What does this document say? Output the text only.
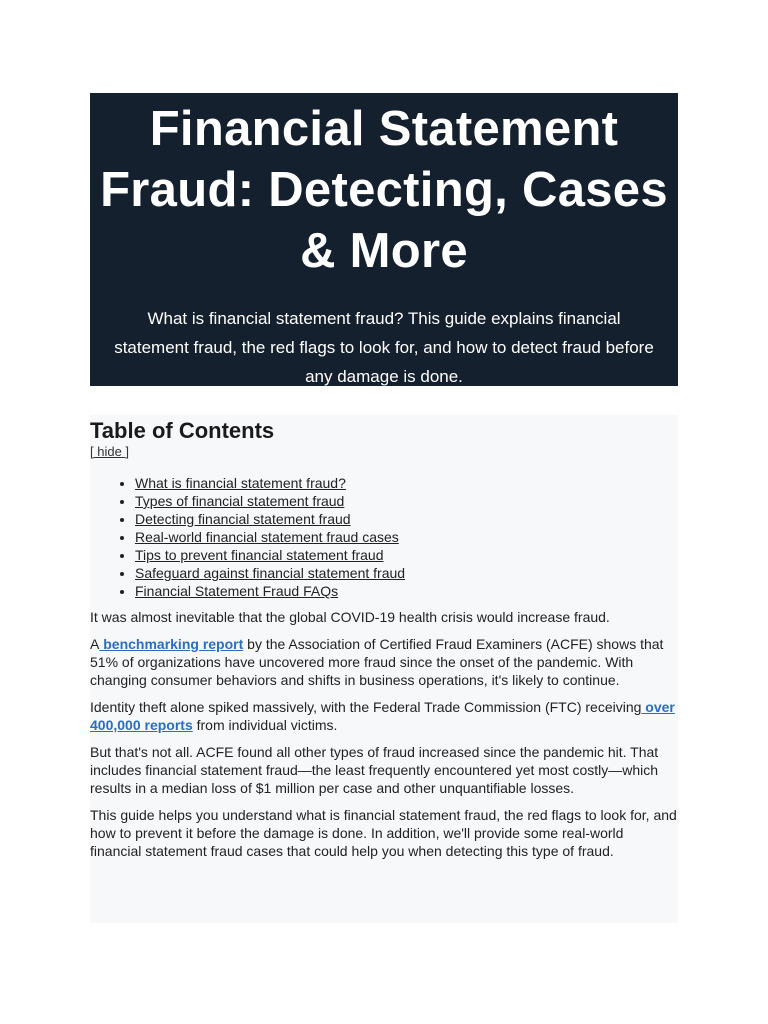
Financial Statement Fraud: Detecting, Cases & More

What is financial statement fraud? This guide explains financial statement fraud, the red flags to look for, and how to detect fraud before any damage is done.

Table of Contents
[ hide ]
• What is financial statement fraud?
• Types of financial statement fraud
• Detecting financial statement fraud
• Real-world financial statement fraud cases
• Tips to prevent financial statement fraud
• Safeguard against financial statement fraud
• Financial Statement Fraud FAQs

It was almost inevitable that the global COVID-19 health crisis would increase fraud.

A benchmarking report by the Association of Certified Fraud Examiners (ACFE) shows that 51% of organizations have uncovered more fraud since the onset of the pandemic. With changing consumer behaviors and shifts in business operations, it's likely to continue.

Identity theft alone spiked massively, with the Federal Trade Commission (FTC) receiving over 400,000 reports from individual victims.

But that's not all. ACFE found all other types of fraud increased since the pandemic hit. That includes financial statement fraud—the least frequently encountered yet most costly—which results in a median loss of $1 million per case and other unquantifiable losses.

This guide helps you understand what is financial statement fraud, the red flags to look for, and how to prevent it before the damage is done. In addition, we'll provide some real-world financial statement fraud cases that could help you when detecting this type of fraud.
